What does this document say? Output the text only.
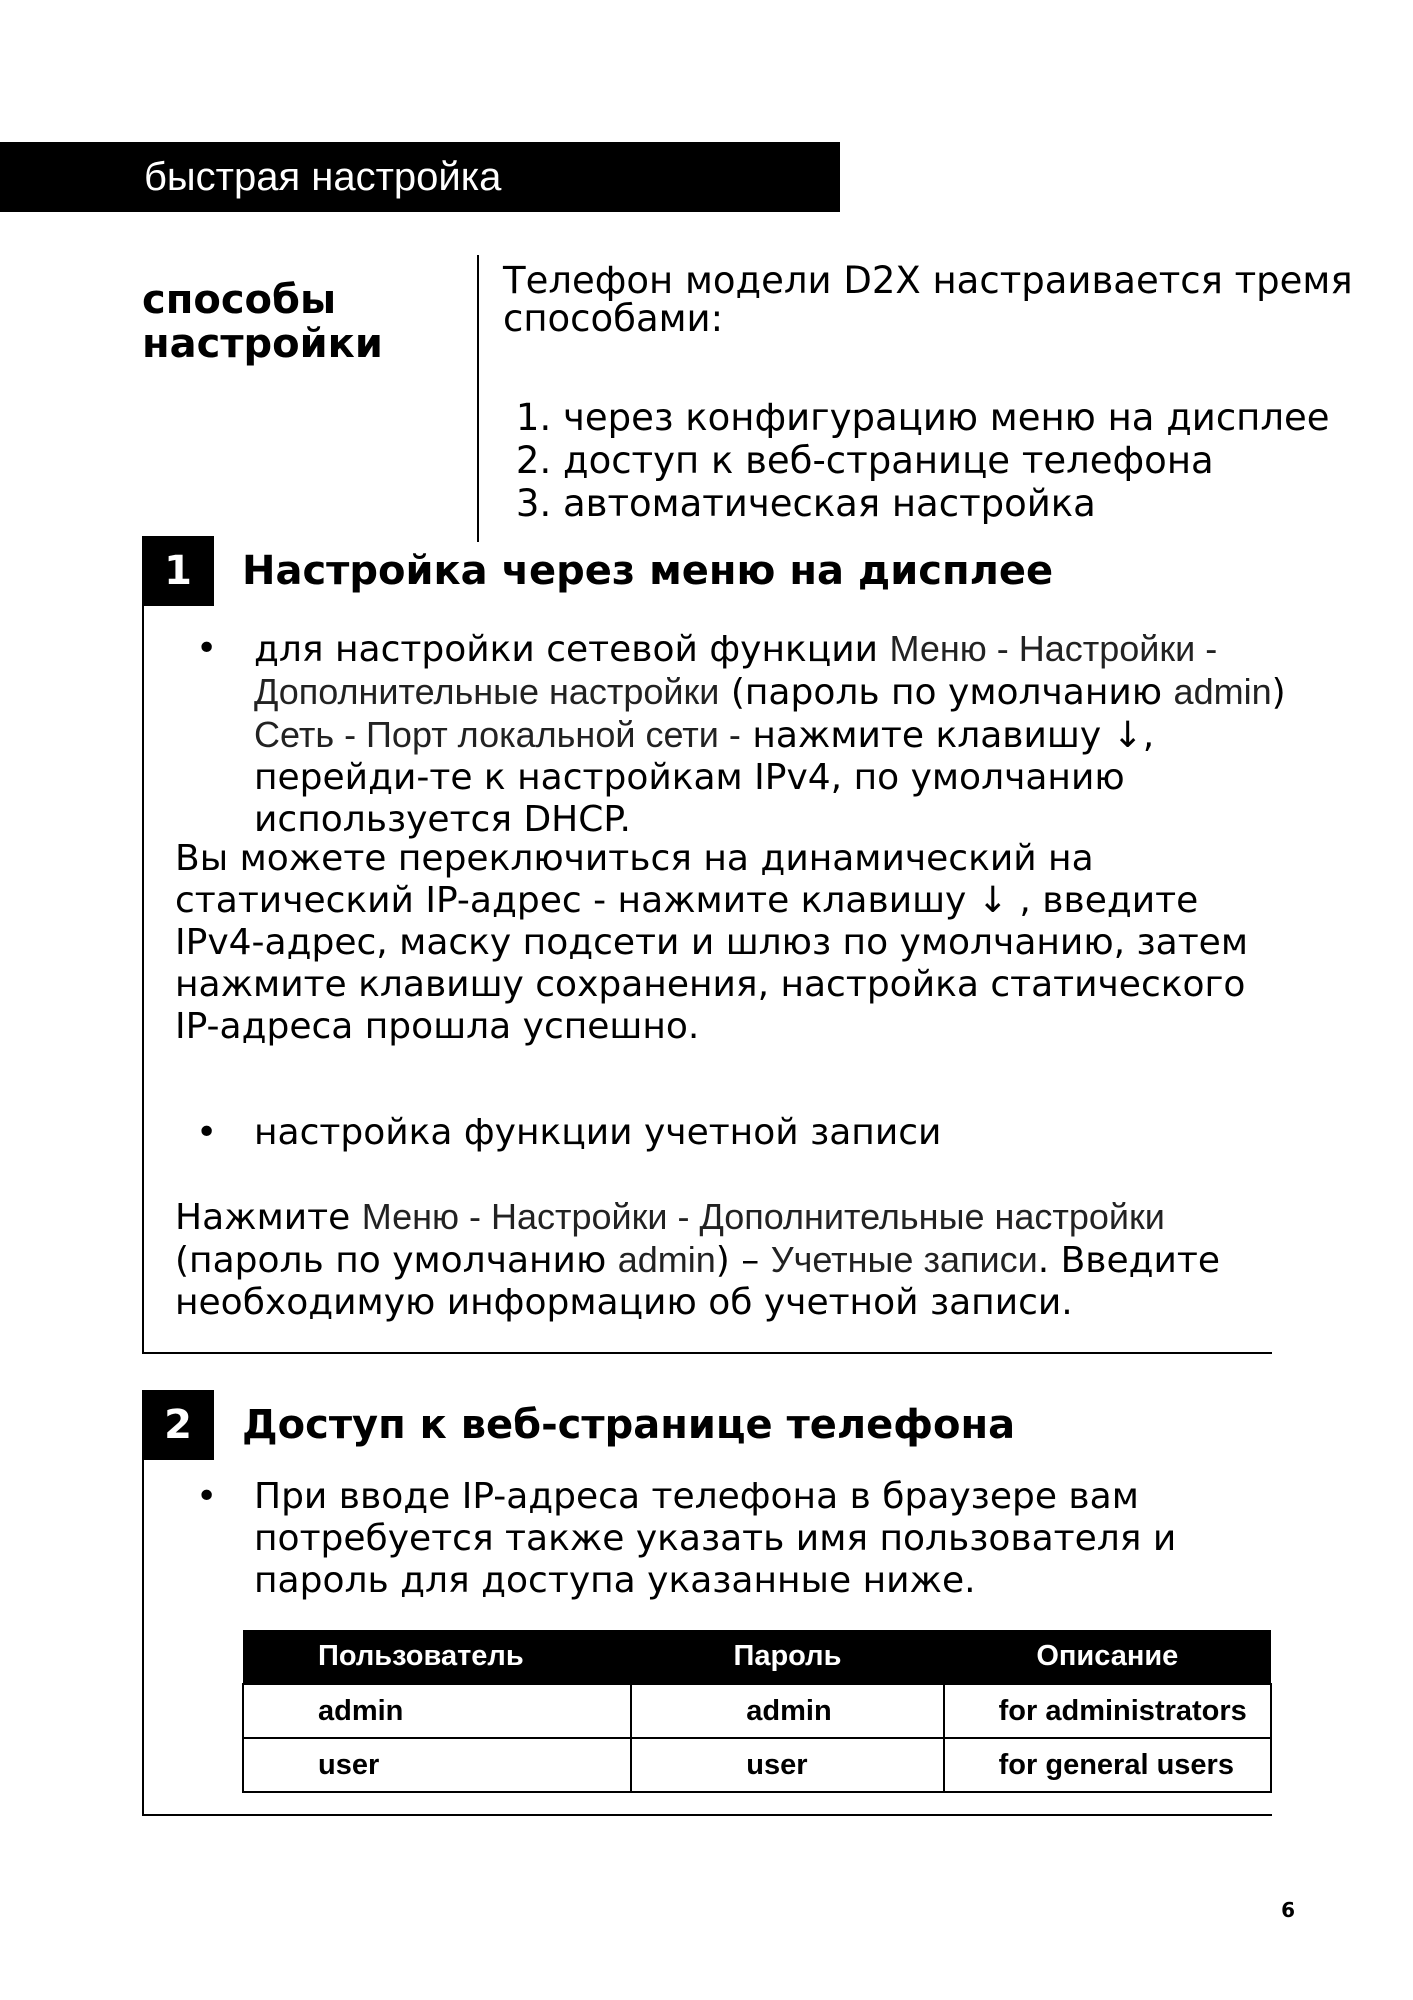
быстрая настройка
способы
настройки
Телефон модели D2X настраивается тремя способами:
1. через конфигурацию меню на дисплее
2. доступ к веб-странице телефона
3. автоматическая настройка
1	Настройка через меню на дисплее
•	для настройки сетевой функции Меню - Настройки - Дополнительные настройки (пароль по умолчанию admin) Сеть - Порт локальной сети - нажмите клавишу ↓, перейди-те к настройкам IPv4, по умолчанию используется DHCP.
Вы можете переключиться на динамический на статический IP-адрес - нажмите клавишу ↓ , введите IPv4-адрес, маску подсети и шлюз по умолчанию, затем нажмите клавишу сохранения, настройка статического IP-адреса прошла успешно.
•	настройка функции учетной записи
Нажмите Меню - Настройки - Дополнительные настройки (пароль по умолчанию admin) – Учетные записи. Введите необходимую информацию об учетной записи.
2	Доступ к веб-странице телефона
•	При вводе IP-адреса телефона в браузере вам потребуется также указать имя пользователя и пароль для доступа указанные ниже.
Пользователь	Пароль	Описание
admin	admin	for administrators
user	user	for general users
6
